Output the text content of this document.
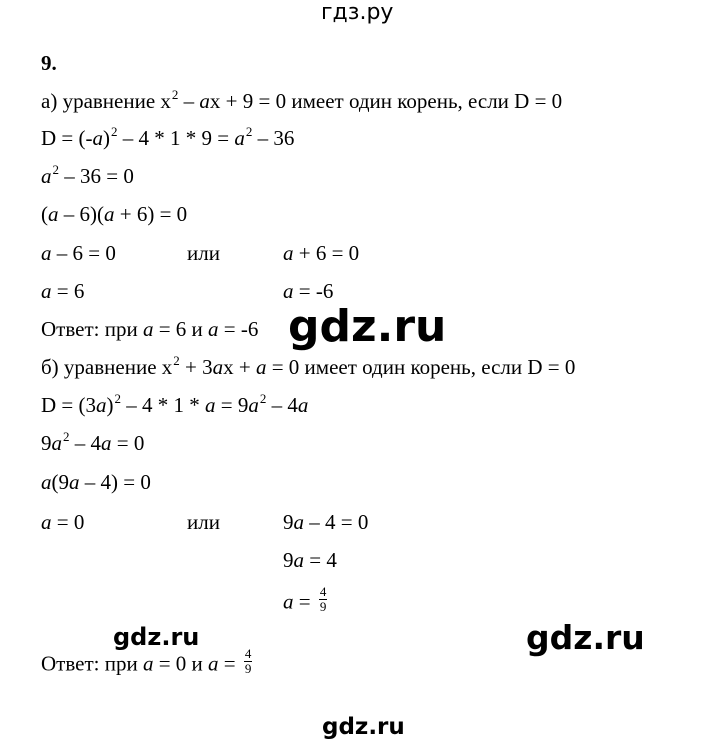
гдз.ру
9.
а) уравнение $x^2$ – ax + 9 = 0 имеет один корень, если D = 0
$D = (-a)^2 - 4 * 1 * 9 = a^2 - 36$
$a^2 - 36 = 0$
(a – 6)(a + 6) = 0
a – 6 = 0	или	a + 6 = 0
a = 6	a = -6
Ответ: при a = 6 и a = -6 gdz.ru
б) уравнение $x^2 + 3ax + a = 0$ имеет один корень, если D = 0
$D = (3a)^2 - 4 * 1 * a = 9a^2 - 4a$
$9a^2 - 4a = 0$
a(9a – 4) = 0
a = 0	или	9a – 4 = 0
9a = 4
$a = \frac{4}{9}$
gdz.ru	gdz.ru
Ответ: при a = 0 и $a = \frac{4}{9}$
gdz.ru
